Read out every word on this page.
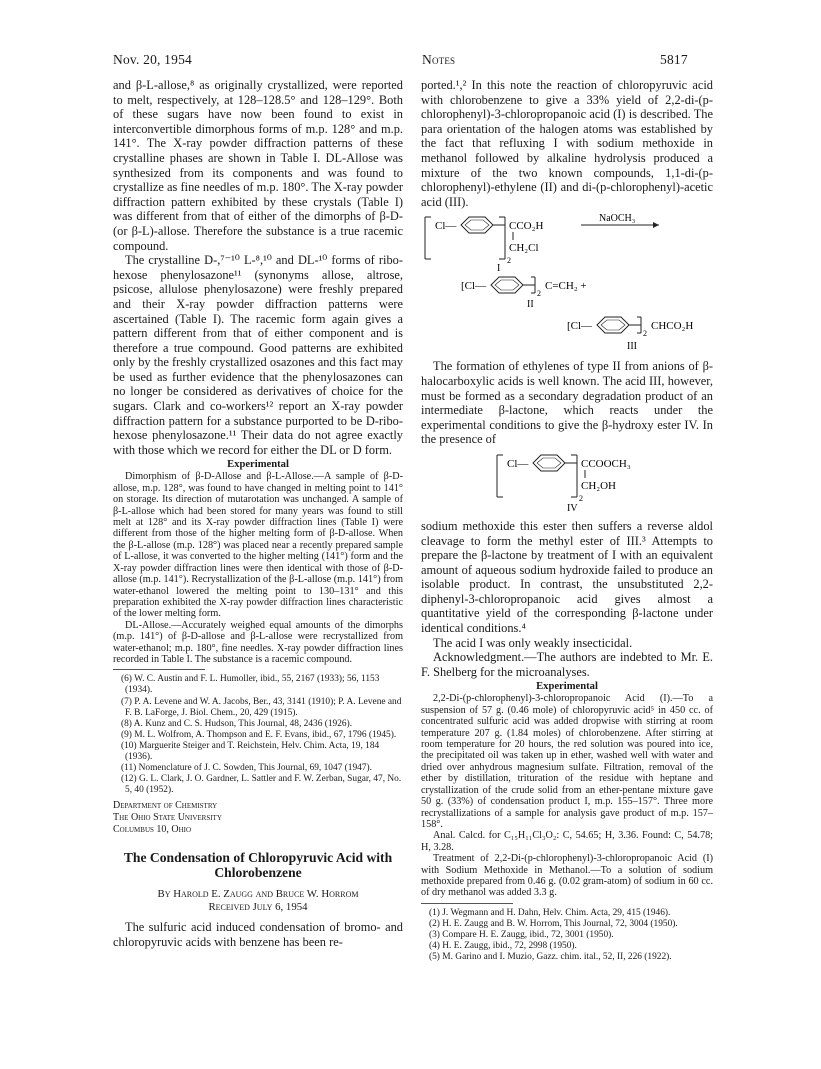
Nov. 20, 1954	Notes	5817

and β-L-allose,⁸ as originally crystallized, were reported to melt, respectively, at 128–128.5° and 128–129°. Both of these sugars have now been found to exist in interconvertible dimorphous forms of m.p. 128° and m.p. 141°. The X-ray powder diffraction patterns of these crystalline phases are shown in Table I. DL-Allose was synthesized from its components and was found to crystallize as fine needles of m.p. 180°. The X-ray powder diffraction pattern exhibited by these crystals (Table I) was different from that of either of the dimorphs of β-D- (or β-L)-allose. Therefore the substance is a true racemic compound.

The crystalline D-,⁷⁻¹⁰ L-⁸,¹⁰ and DL-¹⁰ forms of ribo-hexose phenylosazone¹¹ (synonyms allose, altrose, psicose, allulose phenylosazone) were freshly prepared and their X-ray powder diffraction patterns were ascertained (Table I). The racemic form again gives a pattern different from that of either component and is therefore a true compound. Good patterns are exhibited only by the freshly crystallized osazones and this fact may be used as further evidence that the phenylosazones can no longer be considered as derivatives of choice for the sugars. Clark and co-workers¹² report an X-ray powder diffraction pattern for a substance purported to be D-ribo-hexose phenylosazone.¹¹ Their data do not agree exactly with those which we record for either the DL or D form.

Experimental

Dimorphism of β-D-Allose and β-L-Allose.—A sample of β-D-allose, m.p. 128°, was found to have changed in melting point to 141° on storage. Its direction of mutarotation was unchanged. A sample of β-L-allose which had been stored for many years was found to still melt at 128° and its X-ray powder diffraction lines (Table I) were different from those of the higher melting form of β-D-allose. When the β-L-allose (m.p. 128°) was placed near a recently prepared sample of L-allose, it was converted to the higher melting (141°) form and the X-ray powder diffraction lines were then identical with those of β-D-allose (m.p. 141°). Recrystallization of the β-L-allose (m.p. 141°) from water-ethanol lowered the melting point to 130–131° and this preparation exhibited the X-ray powder diffraction lines characteristic of the lower melting form.

DL-Allose.—Accurately weighed equal amounts of the dimorphs (m.p. 141°) of β-D-allose and β-L-allose were recrystallized from water-ethanol; m.p. 180°, fine needles. X-ray powder diffraction lines recorded in Table I. The substance is a racemic compound.

(6) W. C. Austin and F. L. Humoller, ibid., 55, 2167 (1933); 56, 1153 (1934).

(7) P. A. Levene and W. A. Jacobs, Ber., 43, 3141 (1910); P. A. Levene and F. B. LaForge, J. Biol. Chem., 20, 429 (1915).

(8) A. Kunz and C. S. Hudson, This Journal, 48, 2436 (1926).

(9) M. L. Wolfrom, A. Thompson and E. F. Evans, ibid., 67, 1796 (1945).

(10) Marguerite Steiger and T. Reichstein, Helv. Chim. Acta, 19, 184 (1936).

(11) Nomenclature of J. C. Sowden, This Journal, 69, 1047 (1947).

(12) G. L. Clark, J. O. Gardner, L. Sattler and F. W. Zerban, Sugar, 47, No. 5, 40 (1952).

Department of Chemistry

The Ohio State University

Columbus 10, Ohio

The Condensation of Chloropyruvic Acid with Chlorobenzene

By Harold E. Zaugg and Bruce W. Horrom

Received July 6, 1954

The sulfuric acid induced condensation of bromo- and chloropyruvic acids with benzene has been re-

ported.¹,² In this note the reaction of chloropyruvic acid with chlorobenzene to give a 33% yield of 2,2-di-(p-chlorophenyl)-3-chloropropanoic acid (I) is described. The para orientation of the halogen atoms was established by the fact that refluxing I with sodium methoxide in methanol followed by alkaline hydrolysis produced a mixture of the two known compounds, 1,1-di-(p-chlorophenyl)-ethylene (II) and di-(p-chlorophenyl)-acetic acid (III).

Cl—
2
CCO₂H
CH₂Cl
NaOCH₃
I
[Cl—
2
C=CH₂ +
II
[Cl—
2
CHCO₂H
III

The formation of ethylenes of type II from anions of β-halocarboxylic acids is well known. The acid III, however, must be formed as a secondary degradation product of an intermediate β-lactone, which reacts under the experimental conditions to give the β-hydroxy ester IV. In the presence of

Cl—
2
CCOOCH₃
CH₂OH
IV

sodium methoxide this ester then suffers a reverse aldol cleavage to form the methyl ester of III.³ Attempts to prepare the β-lactone by treatment of I with an equivalent amount of aqueous sodium hydroxide failed to produce an isolable product. In contrast, the unsubstituted 2,2-diphenyl-3-chloropropanoic acid gives almost a quantitative yield of the corresponding β-lactone under identical conditions.⁴

The acid I was only weakly insecticidal.

Acknowledgment.—The authors are indebted to Mr. E. F. Shelberg for the microanalyses.

Experimental

2,2-Di-(p-chlorophenyl)-3-chloropropanoic Acid (I).—To a suspension of 57 g. (0.46 mole) of chloropyruvic acid⁵ in 450 cc. of concentrated sulfuric acid was added dropwise with stirring at room temperature 207 g. (1.84 moles) of chlorobenzene. After stirring at room temperature for 20 hours, the red solution was poured into ice, the precipitated oil was taken up in ether, washed well with water and dried over anhydrous magnesium sulfate. Filtration, removal of the ether by distillation, trituration of the residue with heptane and crystallization of the crude solid from an ether-pentane mixture gave 50 g. (33%) of condensation product I, m.p. 155–157°. Three more recrystallizations of a sample for analysis gave product of m.p. 157–158°.

Anal. Calcd. for C₁₅H₁₁Cl₃O₂: C, 54.65; H, 3.36. Found: C, 54.78; H, 3.28.

Treatment of 2,2-Di-(p-chlorophenyl)-3-chloropropanoic Acid (I) with Sodium Methoxide in Methanol.—To a solution of sodium methoxide prepared from 0.46 g. (0.02 gram-atom) of sodium in 60 cc. of dry methanol was added 3.3 g.

(1) J. Wegmann and H. Dahn, Helv. Chim. Acta, 29, 415 (1946).

(2) H. E. Zaugg and B. W. Horrom, This Journal, 72, 3004 (1950).

(3) Compare H. E. Zaugg, ibid., 72, 3001 (1950).

(4) H. E. Zaugg, ibid., 72, 2998 (1950).

(5) M. Garino and I. Muzio, Gazz. chim. ital., 52, II, 226 (1922).
